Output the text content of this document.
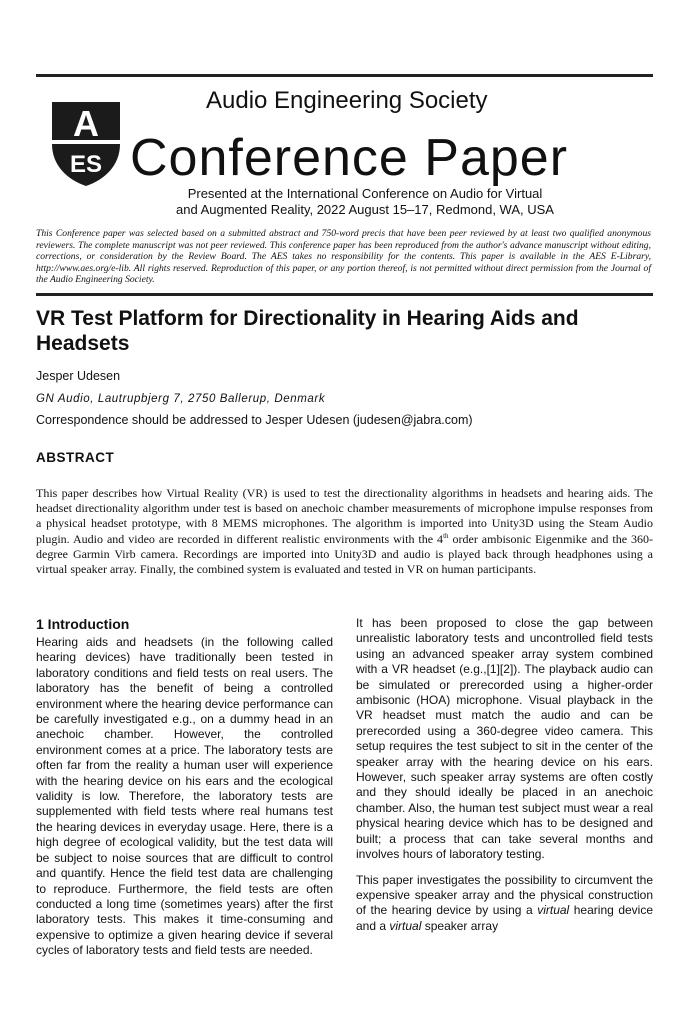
A
ES
Audio Engineering Society
Conference Paper
Presented at the International Conference on Audio for Virtual
and Augmented Reality, 2022 August 15–17, Redmond, WA, USA
This Conference paper was selected based on a submitted abstract and 750-word precis that have been peer reviewed by at least two qualified anonymous reviewers. The complete manuscript was not peer reviewed. This conference paper has been reproduced from the author's advance manuscript without editing, corrections, or consideration by the Review Board. The AES takes no responsibility for the contents. This paper is available in the AES E-Library, http://www.aes.org/e-lib. All rights reserved. Reproduction of this paper, or any portion thereof, is not permitted without direct permission from the Journal of the Audio Engineering Society.
VR Test Platform for Directionality in Hearing Aids and Headsets
Jesper Udesen
GN Audio, Lautrupbjerg 7, 2750 Ballerup, Denmark
Correspondence should be addressed to Jesper Udesen (judesen@jabra.com)
ABSTRACT
This paper describes how Virtual Reality (VR) is used to test the directionality algorithms in headsets and hearing aids. The headset directionality algorithm under test is based on anechoic chamber measurements of microphone impulse responses from a physical headset prototype, with 8 MEMS microphones. The algorithm is imported into Unity3D using the Steam Audio plugin. Audio and video are recorded in different realistic environments with the 4th order ambisonic Eigenmike and the 360-degree Garmin Virb camera. Recordings are imported into Unity3D and audio is played back through headphones using a virtual speaker array. Finally, the combined system is evaluated and tested in VR on human participants.
1 Introduction

Hearing aids and headsets (in the following called hearing devices) have traditionally been tested in laboratory conditions and field tests on real users. The laboratory has the benefit of being a controlled environment where the hearing device performance can be carefully investigated e.g., on a dummy head in an anechoic chamber. However, the controlled environment comes at a price. The laboratory tests are often far from the reality a human user will experience with the hearing device on his ears and the ecological validity is low. Therefore, the laboratory tests are supplemented with field tests where real humans test the hearing devices in everyday usage. Here, there is a high degree of ecological validity, but the test data will be subject to noise sources that are difficult to control and quantify. Hence the field test data are challenging to reproduce. Furthermore, the field tests are often conducted a long time (sometimes years) after the first laboratory tests. This makes it time-consuming and expensive to optimize a given hearing device if several cycles of laboratory tests and field tests are needed.

It has been proposed to close the gap between unrealistic laboratory tests and uncontrolled field tests using an advanced speaker array system combined with a VR headset (e.g.,[1][2]). The playback audio can be simulated or prerecorded using a higher-order ambisonic (HOA) microphone. Visual playback in the VR headset must match the audio and can be prerecorded using a 360-degree video camera. This setup requires the test subject to sit in the center of the speaker array with the hearing device on his ears. However, such speaker array systems are often costly and they should ideally be placed in an anechoic chamber. Also, the human test subject must wear a real physical hearing device which has to be designed and built; a process that can take several months and involves hours of laboratory testing.

This paper investigates the possibility to circumvent the expensive speaker array and the physical construction of the hearing device by using a virtual hearing device and a virtual speaker array
